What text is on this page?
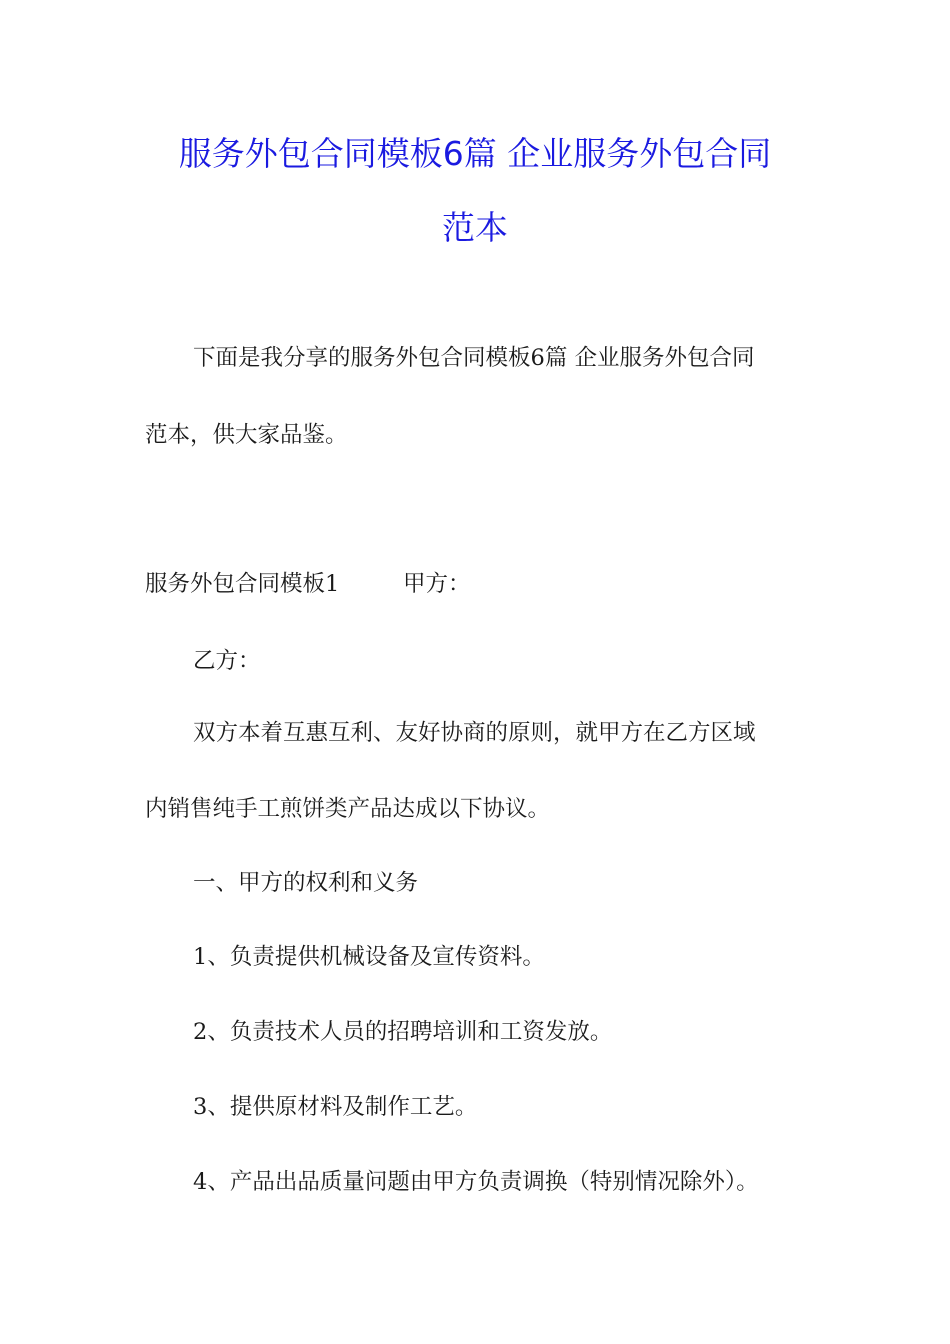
服务外包合同模板6篇 企业服务外包合同
范本
下面是我分享的服务外包合同模板6篇 企业服务外包合同
范本，供大家品鉴。
服务外包合同模板1	甲方：
乙方：
双方本着互惠互利、友好协商的原则，就甲方在乙方区域
内销售纯手工煎饼类产品达成以下协议。
一、甲方的权利和义务
1、负责提供机械设备及宣传资料。
2、负责技术人员的招聘培训和工资发放。
3、提供原材料及制作工艺。
4、产品出品质量问题由甲方负责调换（特别情况除外）。
